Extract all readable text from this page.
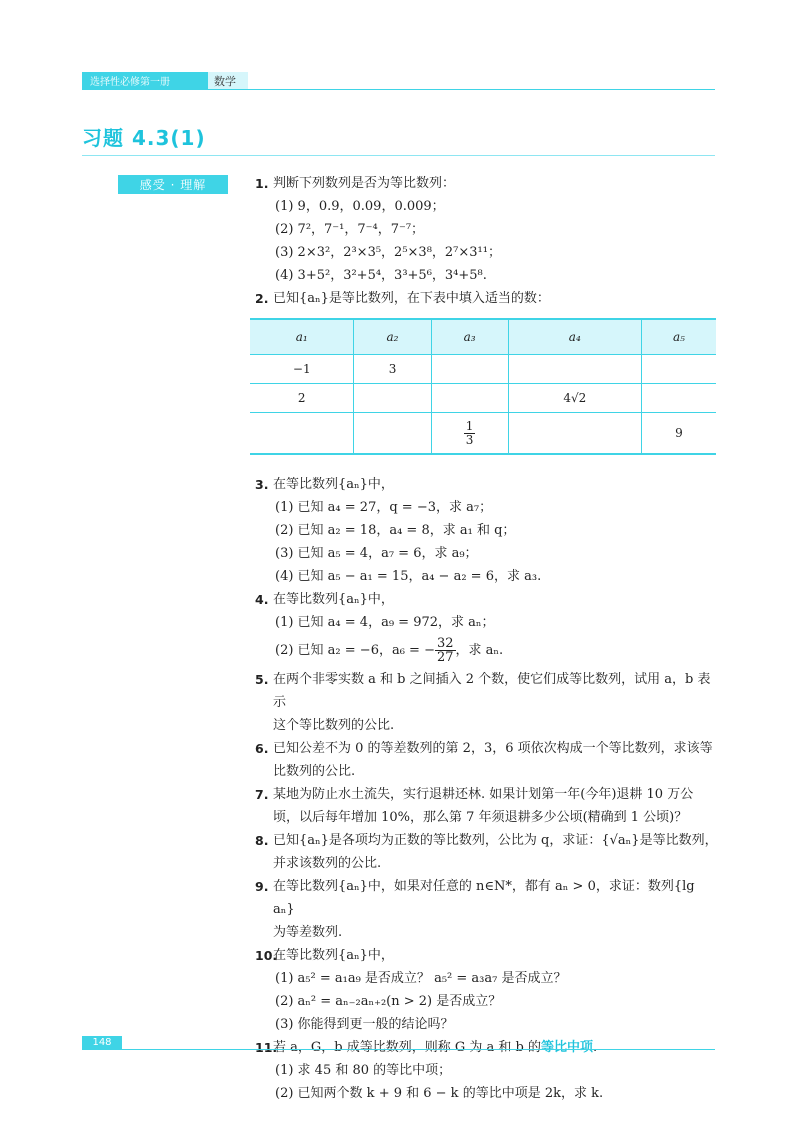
选择性必修第一册	数学
习题 4.3(1)
感受 · 理解	1. 判断下列数列是否为等比数列：
(1) 9，0.9，0.09，0.009；
(2) 7²，7⁻¹，7⁻⁴，7⁻⁷；
(3) 2×3²，2³×3⁵，2⁵×3⁸，2⁷×3¹¹；
(4) 3+5²，3²+5⁴，3³+5⁶，3⁴+5⁸.
2. 已知{aₙ}是等比数列，在下表中填入适当的数：
a₁	a₂	a₃	a₄	a₅
−1	3			
2			4√2	

		$\frac{1}{3}$		9
3. 在等比数列{aₙ}中，
(1) 已知 a₄ = 27，q = −3，求 a₇；
(2) 已知 a₂ = 18，a₄ = 8，求 a₁ 和 q；
(3) 已知 a₅ = 4，a₇ = 6，求 a₉；
(4) 已知 a₅ − a₁ = 15，a₄ − a₂ = 6，求 a₃.
4. 在等比数列{aₙ}中，
(1) 已知 a₄ = 4，a₉ = 972，求 aₙ；
(2) 已知 a₂ = −6，a₆ = − $\frac{32}{27}$ ，求 aₙ.
5. 在两个非零实数 a 和 b 之间插入 2 个数，使它们成等比数列，试用 a，b 表示
这个等比数列的公比.
6. 已知公差不为 0 的等差数列的第 2，3，6 项依次构成一个等比数列，求该等
比数列的公比.
7. 某地为防止水土流失，实行退耕还林. 如果计划第一年(今年)退耕 10 万公
顷，以后每年增加 10%，那么第 7 年须退耕多少公顷(精确到 1 公顷)？
8. 已知{aₙ}是各项均为正数的等比数列，公比为 q，求证：{√aₙ}是等比数列，
并求该数列的公比.
9. 在等比数列{aₙ}中，如果对任意的 n∈N*，都有 aₙ > 0，求证：数列{lg aₙ}
为等差数列.
10.
在等比数列{aₙ}中，
(1) a₅² = a₁a₉ 是否成立？ a₅² = a₃a₇ 是否成立？
(2) aₙ² = aₙ₋₂aₙ₊₂(n > 2) 是否成立？
(3) 你能得到更一般的结论吗？
11.
若 a，G，b 成等比数列，则称 G 为 a 和 b 的等比中项.
(1) 求 45 和 80 的等比中项；
(2) 已知两个数 k + 9 和 6 − k 的等比中项是 2k，求 k.
148
